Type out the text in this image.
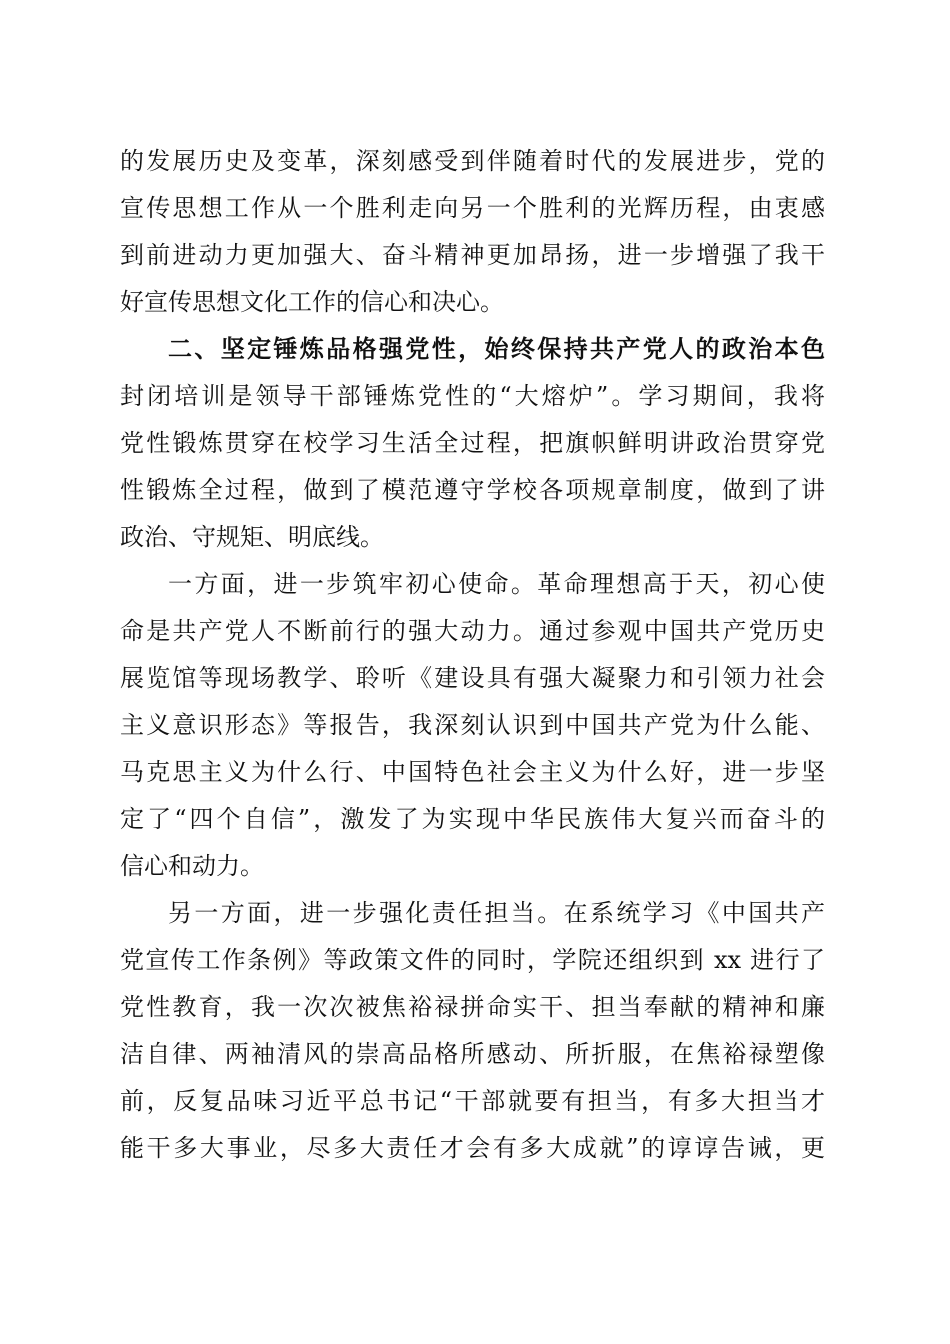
的发展历史及变革，深刻感受到伴随着时代的发展进步，党的
宣传思想工作从一个胜利走向另一个胜利的光辉历程，由衷感
到前进动力更加强大、奋斗精神更加昂扬，进一步增强了我干
好宣传思想文化工作的信心和决心。
二、坚定锤炼品格强党性，始终保持共产党人的政治本色
封闭培训是领导干部锤炼党性的“大熔炉”。学习期间，我将
党性锻炼贯穿在校学习生活全过程，把旗帜鲜明讲政治贯穿党
性锻炼全过程，做到了模范遵守学校各项规章制度，做到了讲
政治、守规矩、明底线。
一方面，进一步筑牢初心使命。革命理想高于天，初心使
命是共产党人不断前行的强大动力。通过参观中国共产党历史
展览馆等现场教学、聆听《建设具有强大凝聚力和引领力社会
主义意识形态》等报告，我深刻认识到中国共产党为什么能、
马克思主义为什么行、中国特色社会主义为什么好，进一步坚
定了“四个自信”，激发了为实现中华民族伟大复兴而奋斗的
信心和动力。
另一方面，进一步强化责任担当。在系统学习《中国共产
党宣传工作条例》等政策文件的同时，学院还组织到 xx 进行了
党性教育，我一次次被焦裕禄拼命实干、担当奉献的精神和廉
洁自律、两袖清风的崇高品格所感动、所折服，在焦裕禄塑像
前，反复品味习近平总书记“干部就要有担当，有多大担当才
能干多大事业，尽多大责任才会有多大成就”的谆谆告诫，更
